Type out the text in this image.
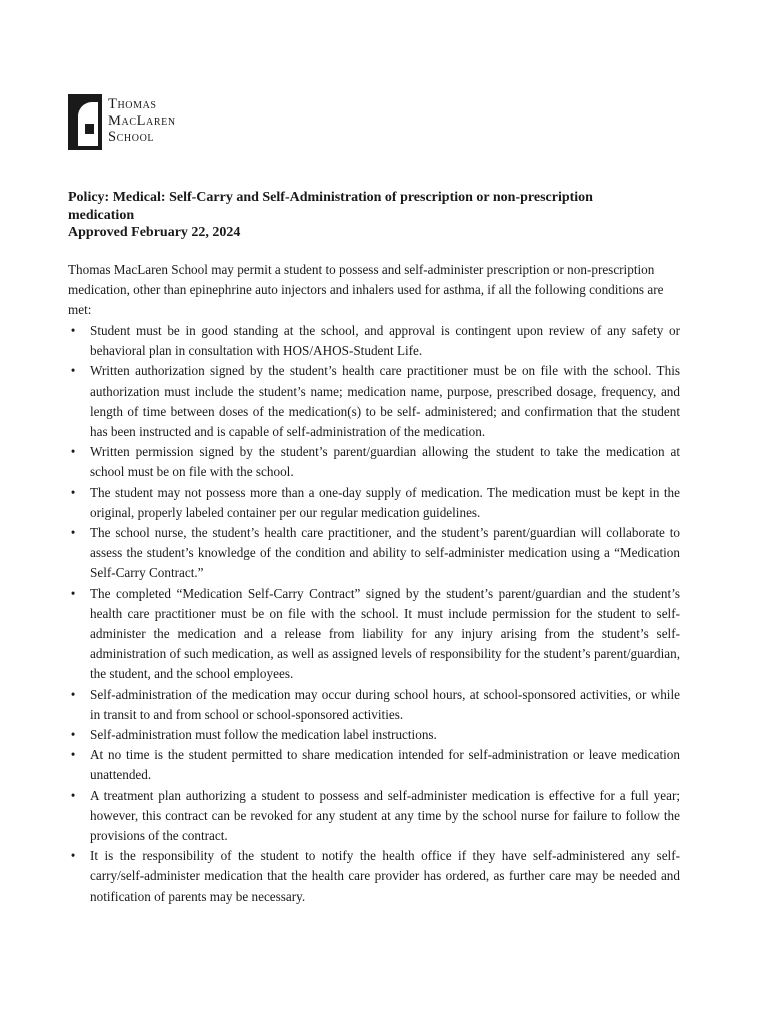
Thomas
MacLaren
School
Policy: Medical: Self-Carry and Self-Administration of prescription or non-prescription
medication
Approved February 22, 2024
Thomas MacLaren School may permit a student to possess and self-administer prescription or non-prescription medication, other than epinephrine auto injectors and inhalers used for asthma, if all the following conditions are met:
• Student must be in good standing at the school, and approval is contingent upon review of any safety or behavioral plan in consultation with HOS/AHOS-Student Life.
• Written authorization signed by the student’s health care practitioner must be on file with the school. This authorization must include the student’s name; medication name, purpose, prescribed dosage, frequency, and length of time between doses of the medication(s) to be self- administered; and confirmation that the student has been instructed and is capable of self-administration of the medication.
• Written permission signed by the student’s parent/guardian allowing the student to take the medication at school must be on file with the school.
• The student may not possess more than a one-day supply of medication. The medication must be kept in the original, properly labeled container per our regular medication guidelines.
• The school nurse, the student’s health care practitioner, and the student’s parent/guardian will collaborate to assess the student’s knowledge of the condition and ability to self-administer medication using a “Medication Self-Carry Contract.”
• The completed “Medication Self-Carry Contract” signed by the student’s parent/guardian and the student’s health care practitioner must be on file with the school. It must include permission for the student to self-administer the medication and a release from liability for any injury arising from the student’s self-administration of such medication, as well as assigned levels of responsibility for the student’s parent/guardian, the student, and the school employees.
• Self-administration of the medication may occur during school hours, at school-sponsored activities, or while in transit to and from school or school-sponsored activities.
• Self-administration must follow the medication label instructions.
• At no time is the student permitted to share medication intended for self-administration or leave medication unattended.
• A treatment plan authorizing a student to possess and self-administer medication is effective for a full year; however, this contract can be revoked for any student at any time by the school nurse for failure to follow the provisions of the contract.
• It is the responsibility of the student to notify the health office if they have self-administered any self-carry/self-administer medication that the health care provider has ordered, as further care may be needed and notification of parents may be necessary.
